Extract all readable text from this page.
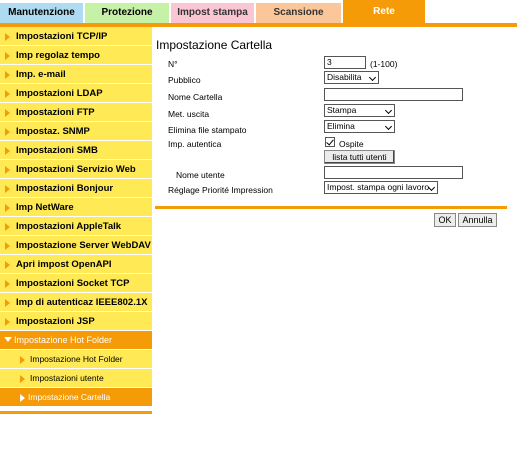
Manutenzione	Protezione	Impost stampa	Scansione	Rete
Impostazioni TCP/IP
Imp regolaz tempo
Imp. e-mail
Impostazioni LDAP
Impostazioni FTP
Impostaz. SNMP
Impostazioni SMB
Impostazioni Servizio Web
Impostazioni Bonjour
Imp NetWare
Impostazioni AppleTalk
Impostazione Server WebDAV
Apri impost OpenAPI
Impostazioni Socket TCP
Imp di autenticaz IEEE802.1X
Impostazioni JSP
Impostazione Hot Folder
Impostazione Hot Folder
Impostazioni utente
Impostazione Cartella
Impostazione Cartella
N°	3	(1-100)
Pubblico	Disabilita
Nome Cartella
Met. uscita	Stampa
Elimina file stampato	Elimina
Imp. autentica	Ospite
lista tutti utenti
Nome utente
Réglage Priorité Impression	Impost. stampa ogni lavoro
OK	Annulla
